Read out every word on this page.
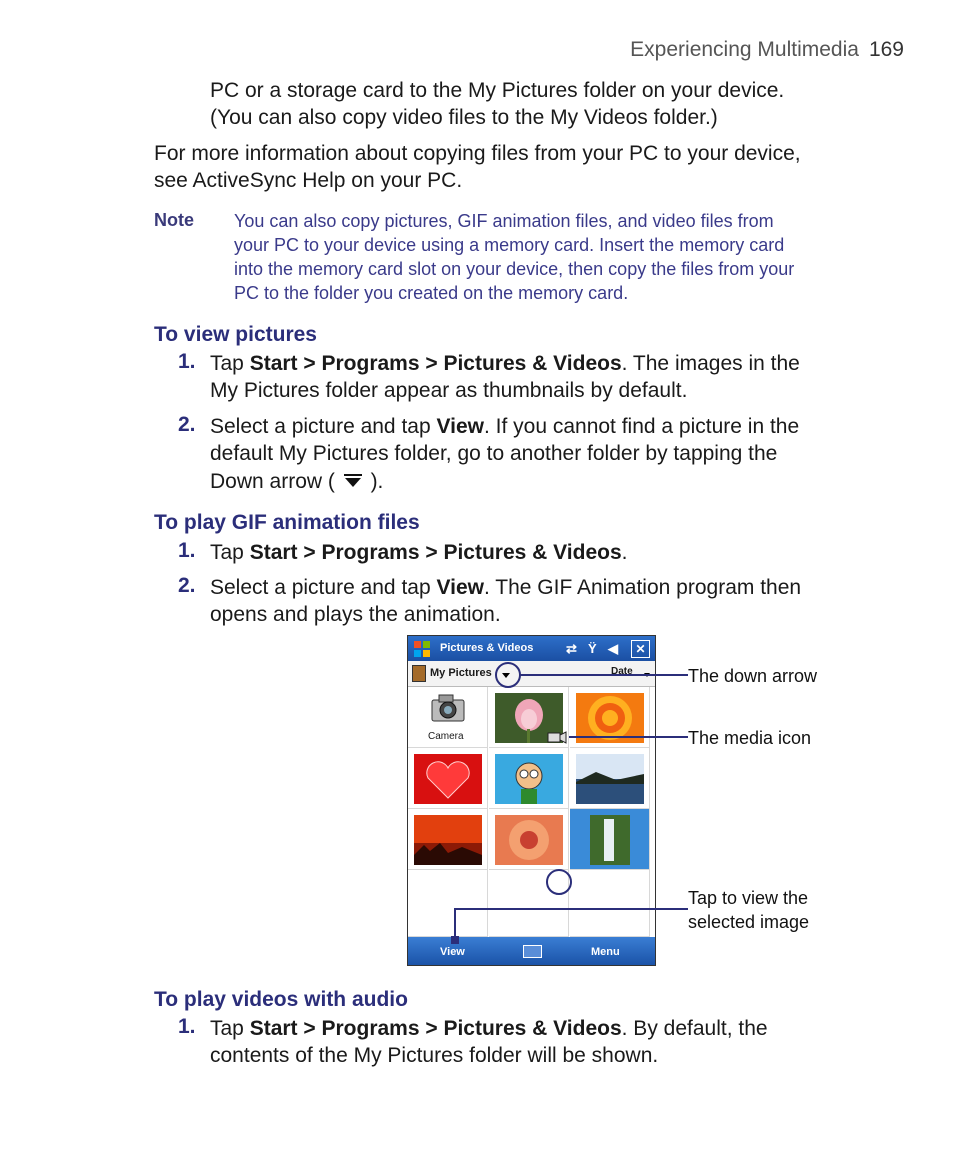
Experiencing Multimedia 169
PC or a storage card to the My Pictures folder on your device.
(You can also copy video files to the My Videos folder.)
For more information about copying files from your PC to your device,
see ActiveSync Help on your PC.
Note You can also copy pictures, GIF animation files, and video files from
your PC to your device using a memory card. Insert the memory card
into the memory card slot on your device, then copy the files from your
PC to the folder you created on the memory card.
To view pictures
1. Tap Start > Programs > Pictures & Videos. The images in the
My Pictures folder appear as thumbnails by default.
2. Select a picture and tap View. If you cannot find a picture in the
default My Pictures folder, go to another folder by tapping the
Down arrow ( ).
To play GIF animation files
1. Tap Start > Programs > Pictures & Videos.
2. Select a picture and tap View. The GIF Animation program then
opens and plays the animation.
Pictures & Videos	⇄ Ÿ ◀	✕
My Pictures	Date
Camera
View	Menu
The down arrow
The media icon
Tap to view the
selected image
To play videos with audio
1. Tap Start > Programs > Pictures & Videos. By default, the
contents of the My Pictures folder will be shown.
